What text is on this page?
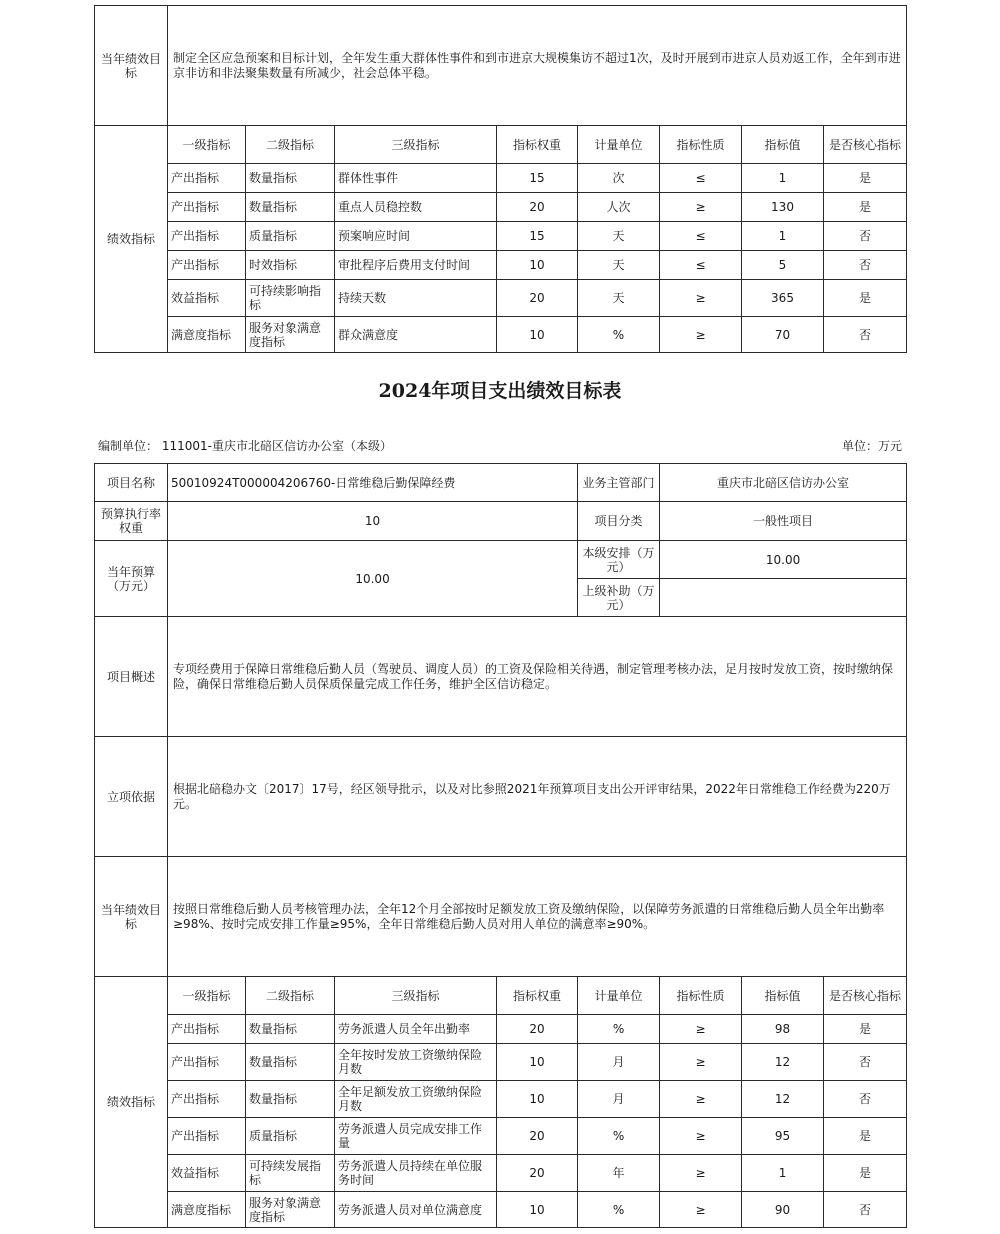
当年绩效目标	制定全区应急预案和目标计划，全年发生重大群体性事件和到市进京大规模集访不超过1次，及时开展到市进京人员劝返工作，全年到市进京非访和非法聚集数量有所减少，社会总体平稳。							
绩效指标	一级指标	二级指标	三级指标	指标权重	计量单位	指标性质	指标值	是否核心指标
	产出指标	数量指标	群体性事件	15	次	≤	1	是
	产出指标	数量指标	重点人员稳控数	20	人次	≥	130	是
	产出指标	质量指标	预案响应时间	15	天	≤	1	否
	产出指标	时效指标	审批程序后费用支付时间	10	天	≤	5	否
	效益指标	可持续影响指标	持续天数	20	天	≥	365	是
	满意度指标	服务对象满意度指标	群众满意度	10	%	≥	70	否
2024年项目支出绩效目标表
编制单位： 111001-重庆市北碚区信访办公室（本级）	单位：万元
项目名称	50010924T000004206760-日常维稳后勤保障经费				业务主管部门	重庆市北碚区信访办公室		
预算执行率权重	10				项目分类	一般性项目		
当年预算（万元）	10.00				本级安排（万元）	10.00		
					上级补助（万元）			
项目概述	专项经费用于保障日常维稳后勤人员（驾驶员、调度人员）的工资及保险相关待遇，制定管理考核办法，足月按时发放工资，按时缴纳保险，确保日常维稳后勤人员保质保量完成工作任务，维护全区信访稳定。							
立项依据	根据北碚稳办文〔2017〕17号，经区领导批示，以及对比参照2021年预算项目支出公开评审结果，2022年日常维稳工作经费为220万元。							
当年绩效目标	按照日常维稳后勤人员考核管理办法，全年12个月全部按时足额发放工资及缴纳保险，以保障劳务派遣的日常维稳后勤人员全年出勤率≥98%、按时完成安排工作量≥95%，全年日常维稳后勤人员对用人单位的满意率≥90%。							
绩效指标	一级指标	二级指标	三级指标	指标权重	计量单位	指标性质	指标值	是否核心指标
	产出指标	数量指标	劳务派遣人员全年出勤率	20	%	≥	98	是
	产出指标	数量指标	全年按时发放工资缴纳保险月数	10	月	≥	12	否
	产出指标	数量指标	全年足额发放工资缴纳保险月数	10	月	≥	12	否
	产出指标	质量指标	劳务派遣人员完成安排工作量	20	%	≥	95	是
	效益指标	可持续发展指标	劳务派遣人员持续在单位服务时间	20	年	≥	1	是
	满意度指标	服务对象满意度指标	劳务派遣人员对单位满意度	10	%	≥	90	否
